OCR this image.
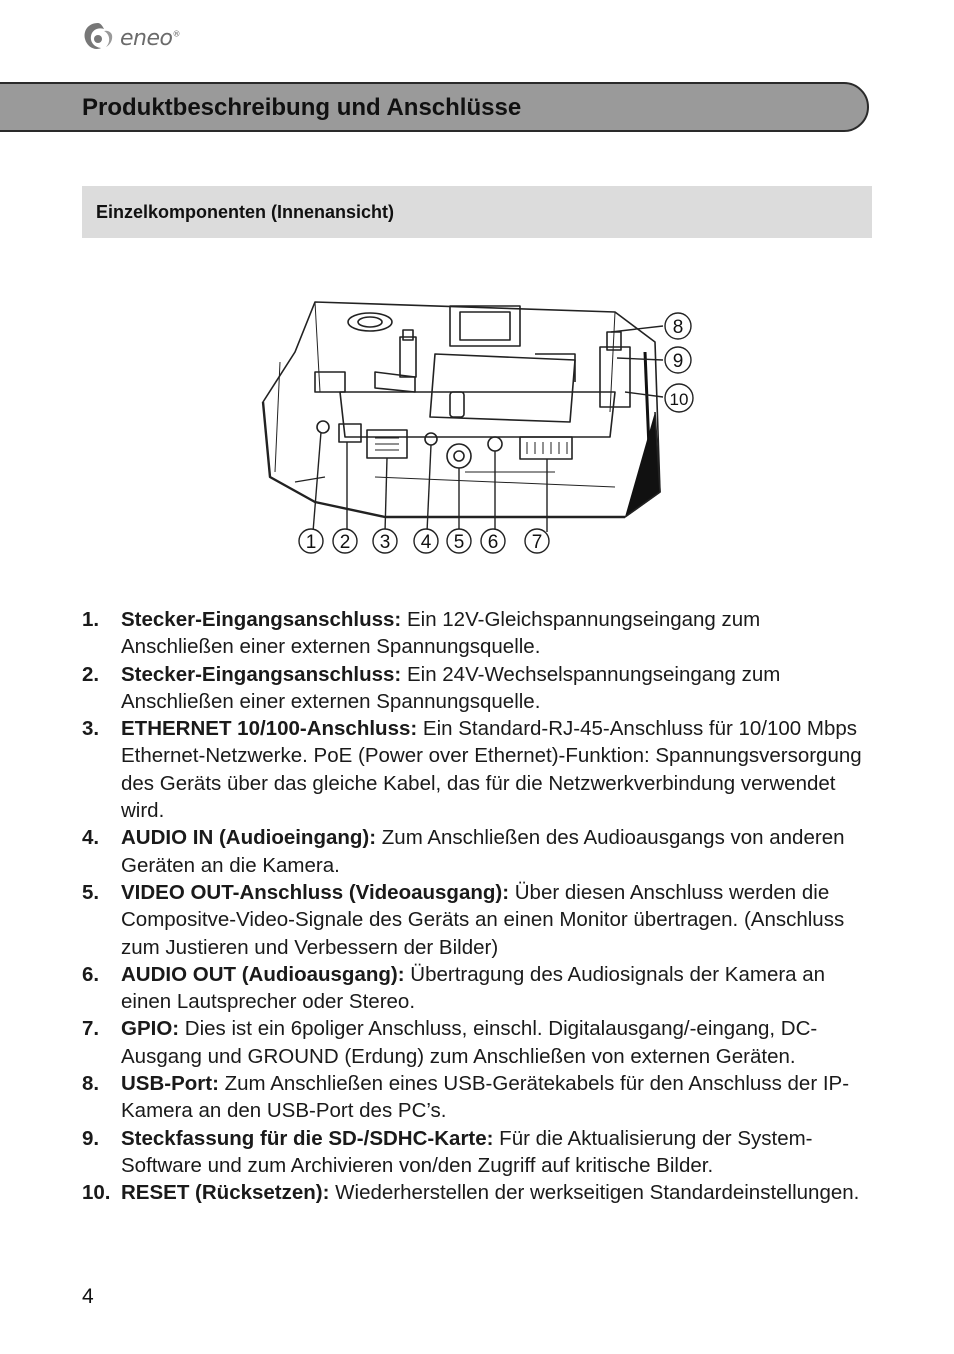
eneo®
Produktbeschreibung und Anschlüsse
Einzelkomponenten (Innenansicht)
1 2 3 4 5 6 7
8
9
10
1. Stecker-Eingangsanschluss: Ein 12V-Gleichspannungseingang zum Anschließen einer externen Spannungsquelle.
2. Stecker-Eingangsanschluss: Ein 24V-Wechselspannungseingang zum Anschließen einer externen Spannungsquelle.
3. ETHERNET 10/100-Anschluss: Ein Standard-RJ-45-Anschluss für 10/100 Mbps Ethernet-Netzwerke. PoE (Power over Ethernet)-Funktion: Spannungsversorgung des Geräts über das gleiche Kabel, das für die Netzwerkverbindung verwendet wird.
4. AUDIO IN (Audioeingang): Zum Anschließen des Audioausgangs von anderen Geräten an die Kamera.
5. VIDEO OUT-Anschluss (Videoausgang): Über diesen Anschluss werden die Compositve-Video-Signale des Geräts an einen Monitor übertragen. (Anschluss zum Justieren und Verbessern der Bilder)
6. AUDIO OUT (Audioausgang): Übertragung des Audiosignals der Kamera an einen Lautsprecher oder Stereo.
7. GPIO: Dies ist ein 6poliger Anschluss, einschl. Digitalausgang/-eingang, DC-Ausgang und GROUND (Erdung) zum Anschließen von externen Geräten.
8. USB-Port: Zum Anschließen eines USB-Gerätekabels für den Anschluss der IP-Kamera an den USB-Port des PC’s.
9. Steckfassung für die SD-/SDHC-Karte: Für die Aktualisierung der System-Software und zum Archivieren von/den Zugriff auf kritische Bilder.
10. RESET (Rücksetzen): Wiederherstellen der werkseitigen Standardeinstellungen.
4
